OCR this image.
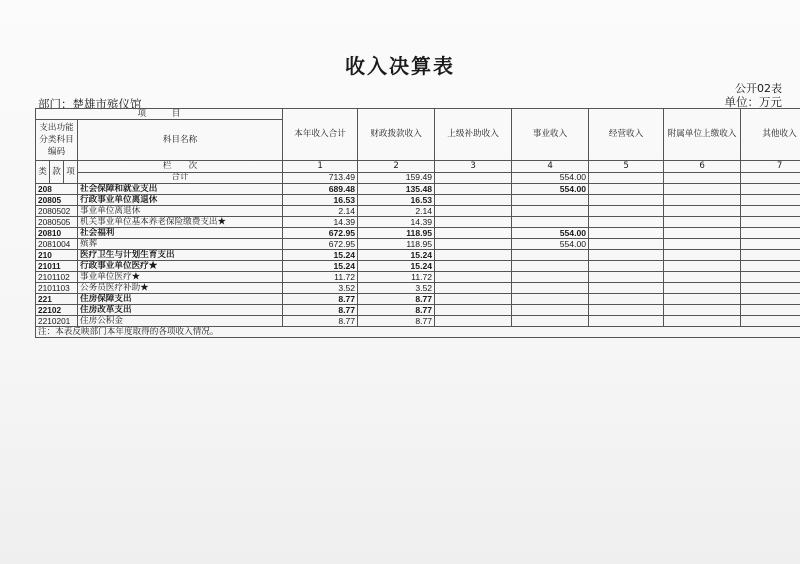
收入决算表
公开02表
部门：楚雄市殡仪馆	单位：万元
项　　　目				本年收入合计	财政拨款收入	上级补助收入	事业收入	经营收入	附属单位上缴收入	其他收入
支出功能分类科目编码			科目名称							

类	款	项	栏　　次	1	2	3	4	5	6	7
			合计	713.49	159.49		554.00			
208			社会保障和就业支出	689.48	135.48		554.00			
20805			行政事业单位离退休	16.53	16.53					
2080502			事业单位离退休	2.14	2.14					
2080505			机关事业单位基本养老保险缴费支出★	14.39	14.39					
20810			社会福利	672.95	118.95		554.00			
2081004			殡葬	672.95	118.95		554.00			
210			医疗卫生与计划生育支出	15.24	15.24					
21011			行政事业单位医疗★	15.24	15.24					
2101102			事业单位医疗★	11.72	11.72					
2101103			公务员医疗补助★	3.52	3.52					
221			住房保障支出	8.77	8.77					
22102			住房改革支出	8.77	8.77					
2210201			住房公积金	8.77	8.77					
注：本表反映部门本年度取得的各项收入情况。										
